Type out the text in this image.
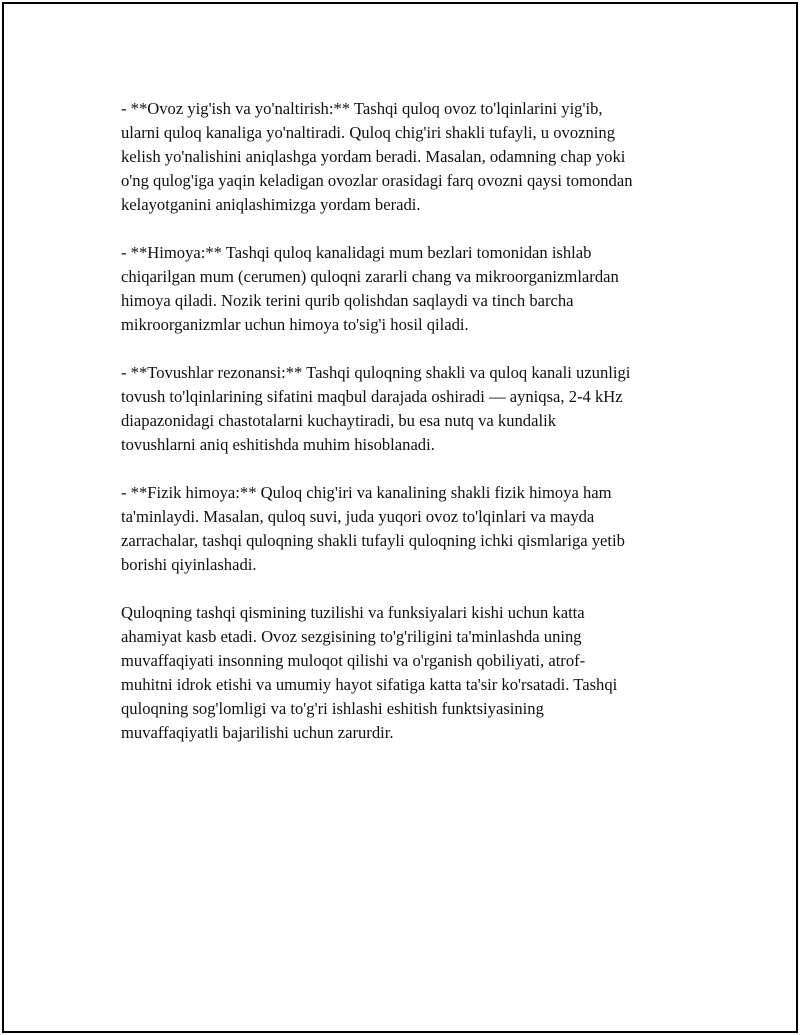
- **Ovoz yig'ish va yo'naltirish:** Tashqi quloq ovoz to'lqinlarini yig'ib,
ularni quloq kanaliga yo'naltiradi. Quloq chig'iri shakli tufayli, u ovozning
kelish yo'nalishini aniqlashga yordam beradi. Masalan, odamning chap yoki
o'ng qulog'iga yaqin keladigan ovozlar orasidagi farq ovozni qaysi tomondan
kelayotganini aniqlashimizga yordam beradi.

- **Himoya:** Tashqi quloq kanalidagi mum bezlari tomonidan ishlab
chiqarilgan mum (cerumen) quloqni zararli chang va mikroorganizmlardan
himoya qiladi. Nozik terini qurib qolishdan saqlaydi va tinch barcha
mikroorganizmlar uchun himoya to'sig'i hosil qiladi.

- **Tovushlar rezonansi:** Tashqi quloqning shakli va quloq kanali uzunligi
tovush to'lqinlarining sifatini maqbul darajada oshiradi — ayniqsa, 2-4 kHz
diapazonidagi chastotalarni kuchaytiradi, bu esa nutq va kundalik
tovushlarni aniq eshitishda muhim hisoblanadi.

- **Fizik himoya:** Quloq chig'iri va kanalining shakli fizik himoya ham
ta'minlaydi. Masalan, quloq suvi, juda yuqori ovoz to'lqinlari va mayda
zarrachalar, tashqi quloqning shakli tufayli quloqning ichki qismlariga yetib
borishi qiyinlashadi.

Quloqning tashqi qismining tuzilishi va funksiyalari kishi uchun katta
ahamiyat kasb etadi. Ovoz sezgisining to'g'riligini ta'minlashda uning
muvaffaqiyati insonning muloqot qilishi va o'rganish qobiliyati, atrof-
muhitni idrok etishi va umumiy hayot sifatiga katta ta'sir ko'rsatadi. Tashqi
quloqning sog'lomligi va to'g'ri ishlashi eshitish funktsiyasining
muvaffaqiyatli bajarilishi uchun zarurdir.
